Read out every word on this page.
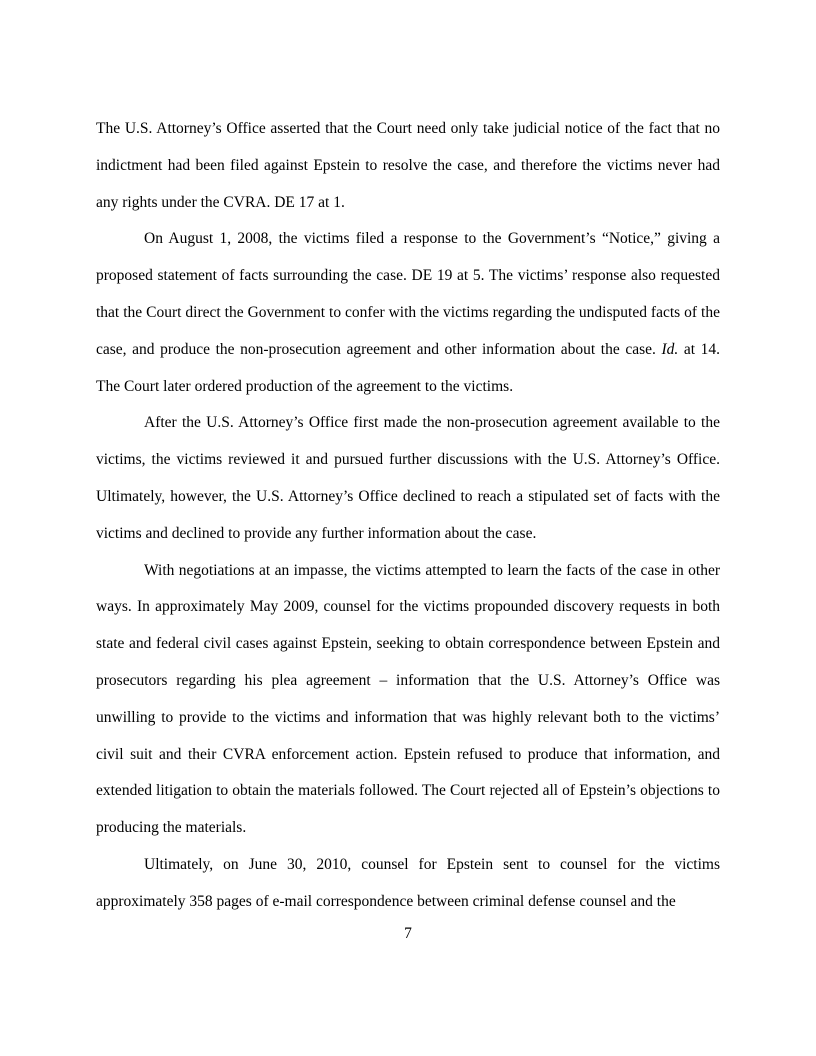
The U.S. Attorney’s Office asserted that the Court need only take judicial notice of the fact that no indictment had been filed against Epstein to resolve the case, and therefore the victims never had any rights under the CVRA. DE 17 at 1.

On August 1, 2008, the victims filed a response to the Government’s “Notice,” giving a proposed statement of facts surrounding the case. DE 19 at 5. The victims’ response also requested that the Court direct the Government to confer with the victims regarding the undisputed facts of the case, and produce the non-prosecution agreement and other information about the case. Id. at 14. The Court later ordered production of the agreement to the victims.

After the U.S. Attorney’s Office first made the non-prosecution agreement available to the victims, the victims reviewed it and pursued further discussions with the U.S. Attorney’s Office. Ultimately, however, the U.S. Attorney’s Office declined to reach a stipulated set of facts with the victims and declined to provide any further information about the case.

With negotiations at an impasse, the victims attempted to learn the facts of the case in other ways. In approximately May 2009, counsel for the victims propounded discovery requests in both state and federal civil cases against Epstein, seeking to obtain correspondence between Epstein and prosecutors regarding his plea agreement – information that the U.S. Attorney’s Office was unwilling to provide to the victims and information that was highly relevant both to the victims’ civil suit and their CVRA enforcement action. Epstein refused to produce that information, and extended litigation to obtain the materials followed. The Court rejected all of Epstein’s objections to producing the materials.

Ultimately, on June 30, 2010, counsel for Epstein sent to counsel for the victims approximately 358 pages of e-mail correspondence between criminal defense counsel and the

7
